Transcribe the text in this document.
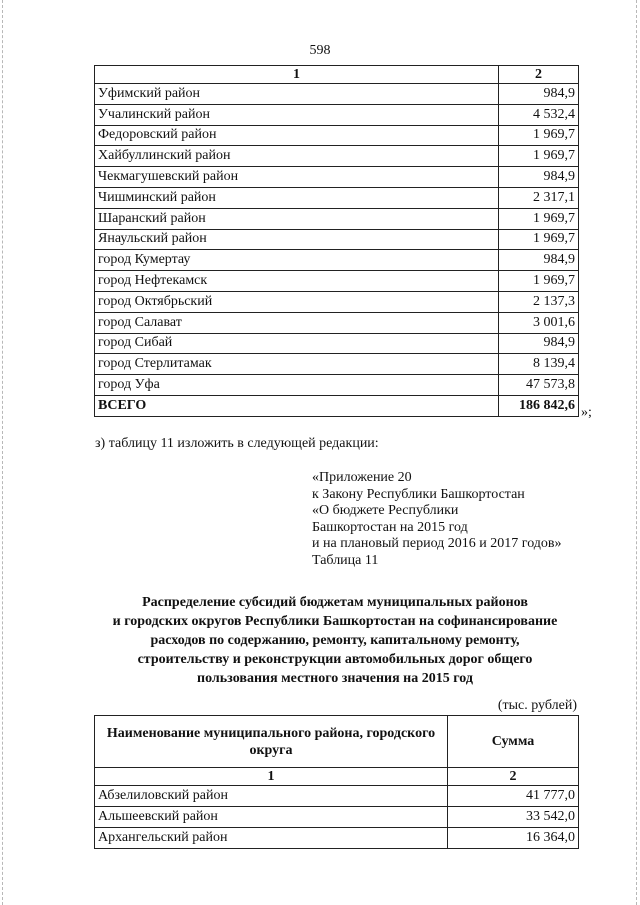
598
1	2
Уфимский район	984,9
Учалинский район	4 532,4
Федоровский район	1 969,7
Хайбуллинский район	1 969,7
Чекмагушевский район	984,9
Чишминский район	2 317,1
Шаранский район	1 969,7
Янаульский район	1 969,7
город Кумертау	984,9
город Нефтекамск	1 969,7
город Октябрьский	2 137,3
город Салават	3 001,6
город Сибай	984,9
город Стерлитамак	8 139,4
город Уфа	47 573,8
ВСЕГО	186 842,6 »;
з) таблицу 11 изложить в следующей редакции:
«Приложение 20
к Закону Республики Башкортостан
«О бюджете Республики
Башкортостан на 2015 год
и на плановый период 2016 и 2017 годов»
Таблица 11
Распределение субсидий бюджетам муниципальных районов
и городских округов Республики Башкортостан на софинансирование
расходов по содержанию, ремонту, капитальному ремонту,
строительству и реконструкции автомобильных дорог общего
пользования местного значения на 2015 год
(тыс. рублей)
Наименование муниципального района, городского округа	Сумма
1	2
Абзелиловский район	41 777,0
Альшеевский район	33 542,0
Архангельский район	16 364,0
